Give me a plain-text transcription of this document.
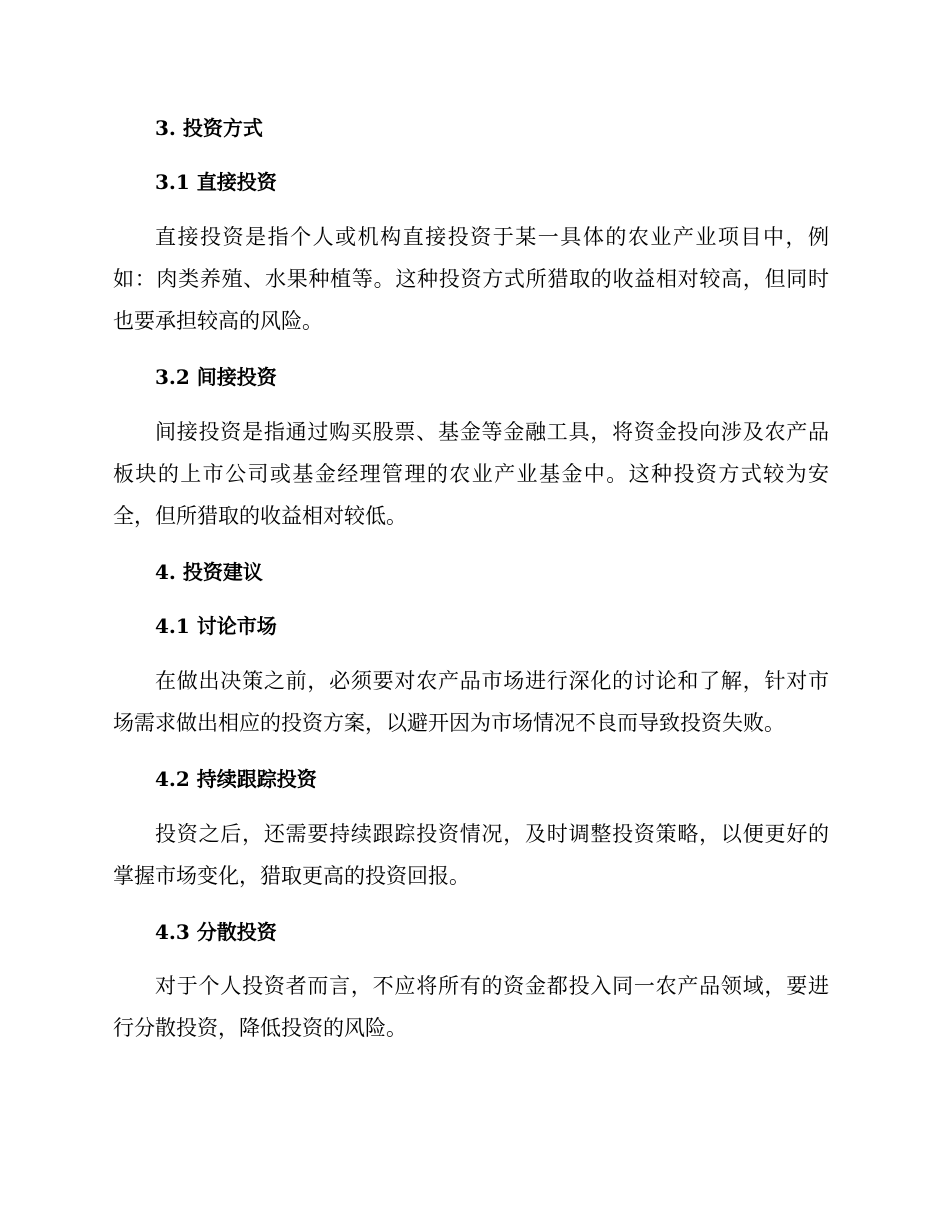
3. 投资方式
3.1 直接投资
直接投资是指个人或机构直接投资于某一具体的农业产业项目中，例
如：肉类养殖、水果种植等。这种投资方式所猎取的收益相对较高，但同时
也要承担较高的风险。
3.2 间接投资
间接投资是指通过购买股票、基金等金融工具，将资金投向涉及农产品
板块的上市公司或基金经理管理的农业产业基金中。这种投资方式较为安
全，但所猎取的收益相对较低。
4. 投资建议
4.1 讨论市场
在做出决策之前，必须要对农产品市场进行深化的讨论和了解，针对市
场需求做出相应的投资方案，以避开因为市场情况不良而导致投资失败。
4.2 持续跟踪投资
投资之后，还需要持续跟踪投资情况，及时调整投资策略，以便更好的
掌握市场变化，猎取更高的投资回报。
4.3 分散投资
对于个人投资者而言，不应将所有的资金都投入同一农产品领域，要进
行分散投资，降低投资的风险。
